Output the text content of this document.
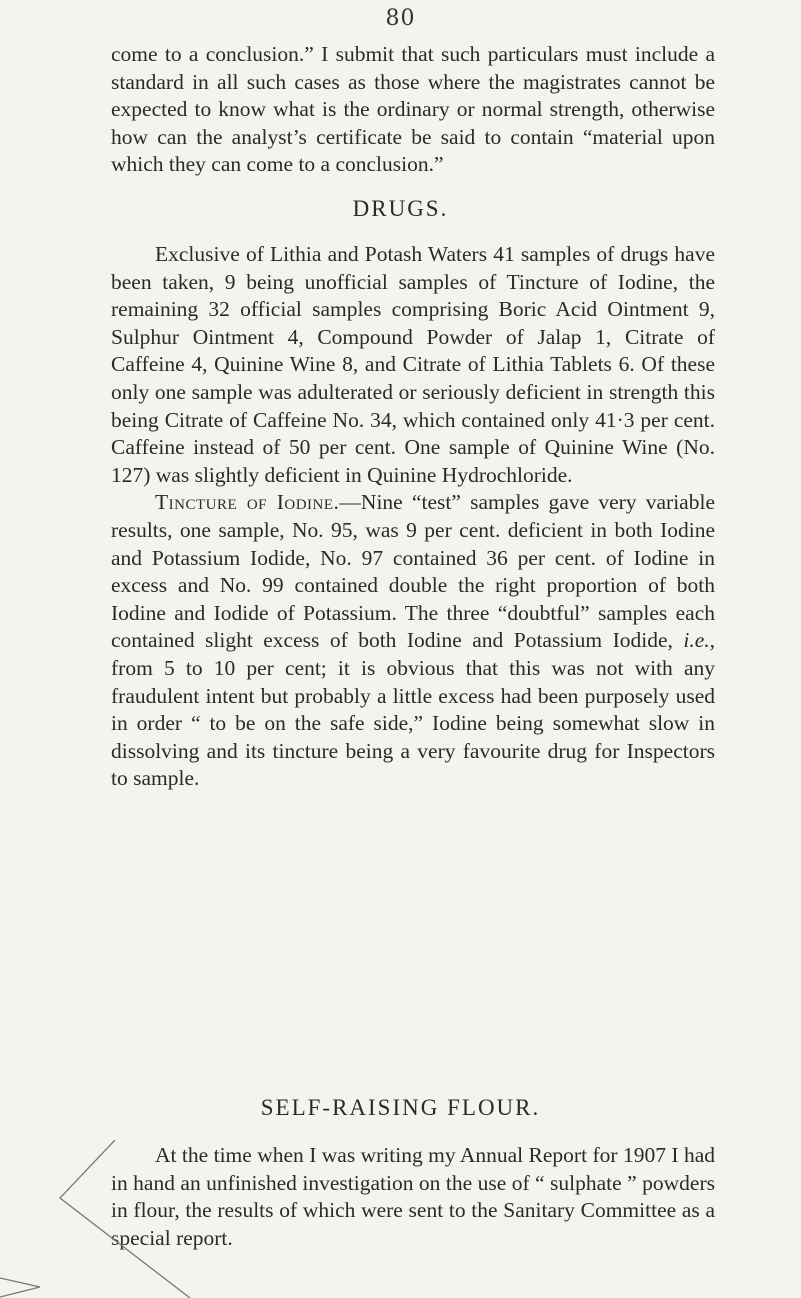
80

come to a conclusion.” I submit that such particulars must include a standard in all such cases as those where the magistrates cannot be expected to know what is the ordinary or normal strength, otherwise how can the analyst’s certificate be said to contain “material upon which they can come to a conclusion.”

DRUGS.

Exclusive of Lithia and Potash Waters 41 samples of drugs have been taken, 9 being unofficial samples of Tincture of Iodine, the remaining 32 official samples comprising Boric Acid Ointment 9, Sulphur Ointment 4, Compound Powder of Jalap 1, Citrate of Caffeine 4, Quinine Wine 8, and Citrate of Lithia Tablets 6. Of these only one sample was adulterated or seriously deficient in strength this being Citrate of Caffeine No. 34, which contained only 41·3 per cent. Caffeine instead of 50 per cent. One sample of Quinine Wine (No. 127) was slightly deficient in Quinine Hydrochloride.

Tincture of Iodine.—Nine “test” samples gave very variable results, one sample, No. 95, was 9 per cent. deficient in both Iodine and Potassium Iodide, No. 97 contained 36 per cent. of Iodine in excess and No. 99 contained double the right proportion of both Iodine and Iodide of Potassium. The three “doubtful” samples each contained slight excess of both Iodine and Potassium Iodide, i.e., from 5 to 10 per cent; it is obvious that this was not with any fraudulent intent but probably a little excess had been purposely used in order “ to be on the safe side,” Iodine being somewhat slow in dissolving and its tincture being a very favourite drug for Inspectors to sample.

SELF-RAISING FLOUR.

At the time when I was writing my Annual Report for 1907 I had in hand an unfinished investigation on the use of “ sulphate ” powders in flour, the results of which were sent to the Sanitary Committee as a special report.
